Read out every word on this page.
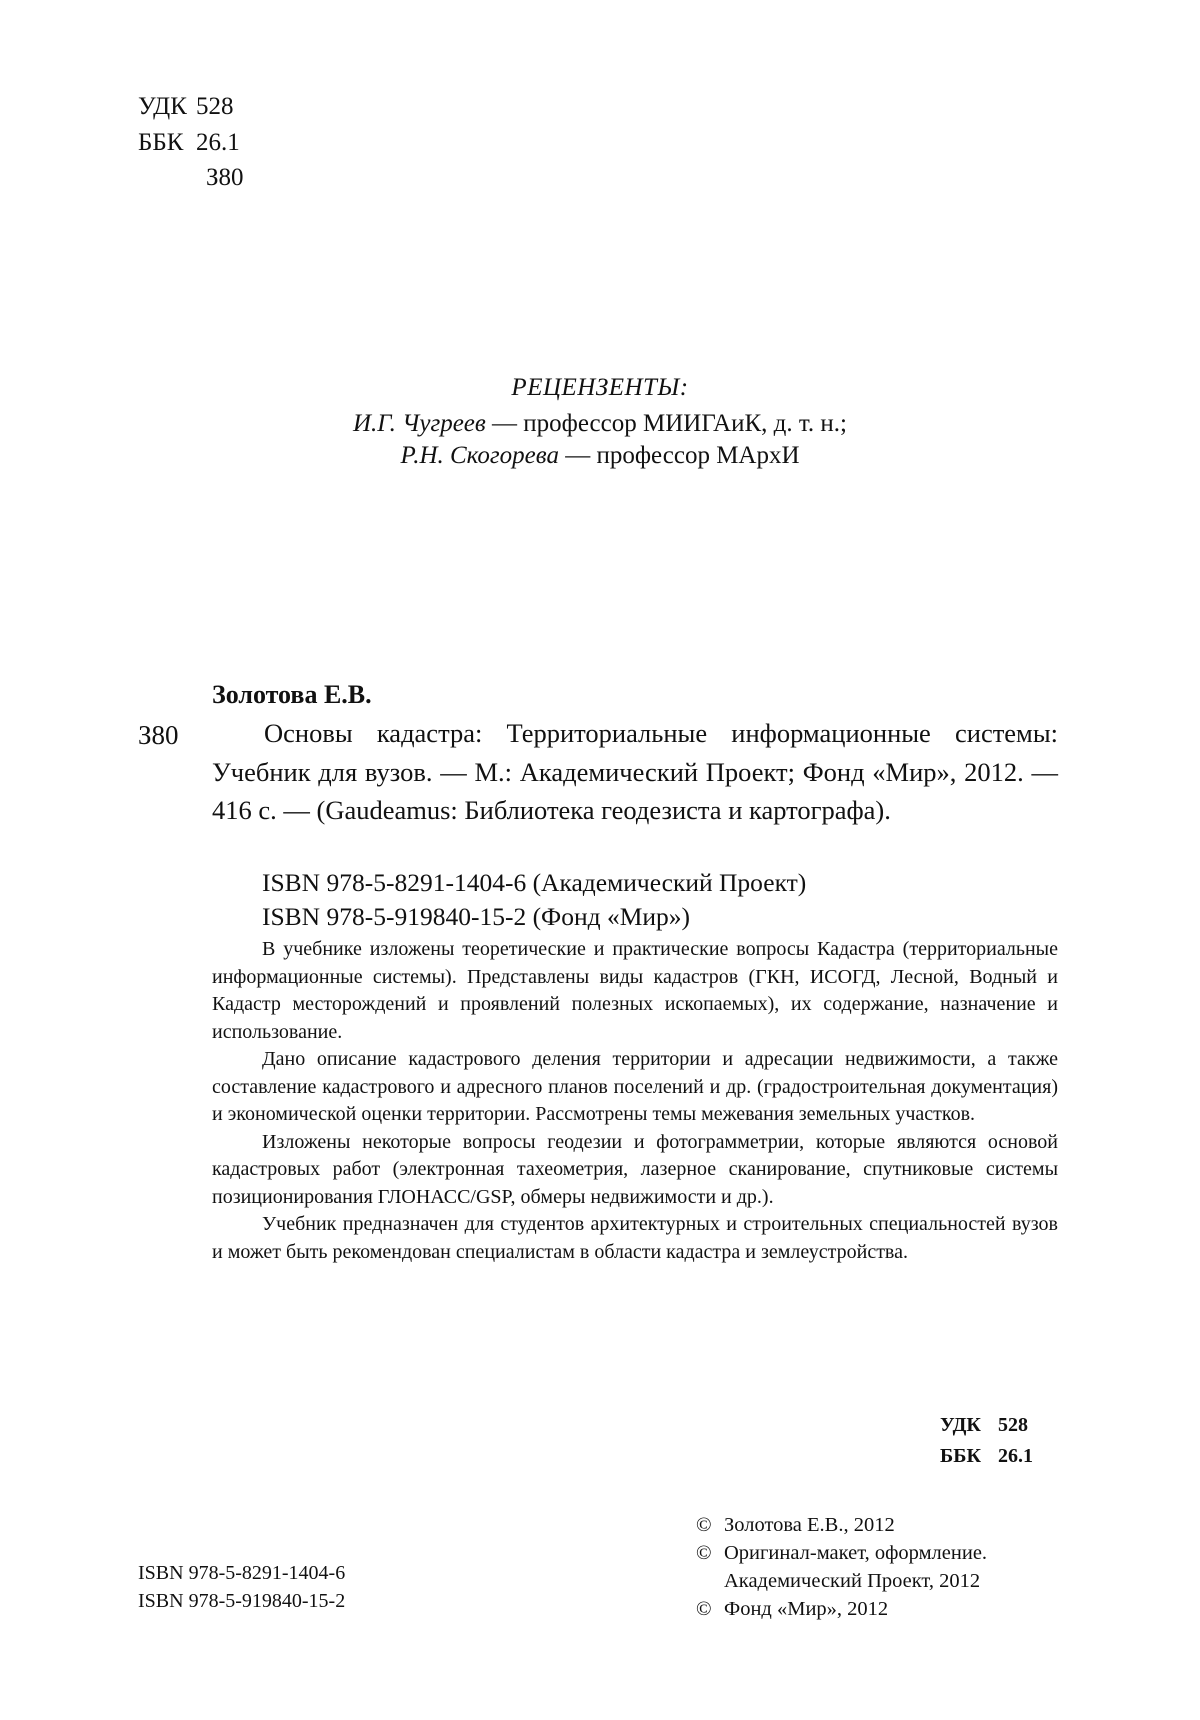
УДК 528
ББК 26.1
З80
РЕЦЕНЗЕНТЫ:
И.Г. Чугреев — профессор МИИГАиК, д. т. н.;
Р.Н. Скогорева — профессор МАрхИ
Золотова Е.В.
З80	Основы кадастра: Территориальные информационные системы: Учебник для вузов. — М.: Академический Проект; Фонд «Мир», 2012. — 416 с. — (Gaudeamus: Библиотека геодезиста и картографа).

ISBN 978-5-8291-1404-6 (Академический Проект)
ISBN 978-5-919840-15-2 (Фонд «Мир»)

В учебнике изложены теоретические и практические вопросы Кадастра (территориальные информационные системы). Представлены виды кадастров (ГКН, ИСОГД, Лесной, Водный и Кадастр месторождений и проявлений полезных ископаемых), их содержание, назначение и использование.

Дано описание кадастрового деления территории и адресации недвижимости, а также составление кадастрового и адресного планов поселений и др. (градостроительная документация) и экономической оценки территории. Рассмотрены темы межевания земельных участков.

Изложены некоторые вопросы геодезии и фотограмметрии, которые являются основой кадастровых работ (электронная тахеометрия, лазерное сканирование, спутниковые системы позиционирования ГЛОНАСС/GSP, обмеры недвижимости и др.).

Учебник предназначен для студентов архитектурных и строительных специальностей вузов и может быть рекомендован специалистам в области кадастра и землеустройства.

УДК 528
ББК 26.1
ISBN 978-5-8291-1404-6
ISBN 978-5-919840-15-2
© Золотова Е.В., 2012
© Оригинал-макет, оформление.
Академический Проект, 2012
© Фонд «Мир», 2012
